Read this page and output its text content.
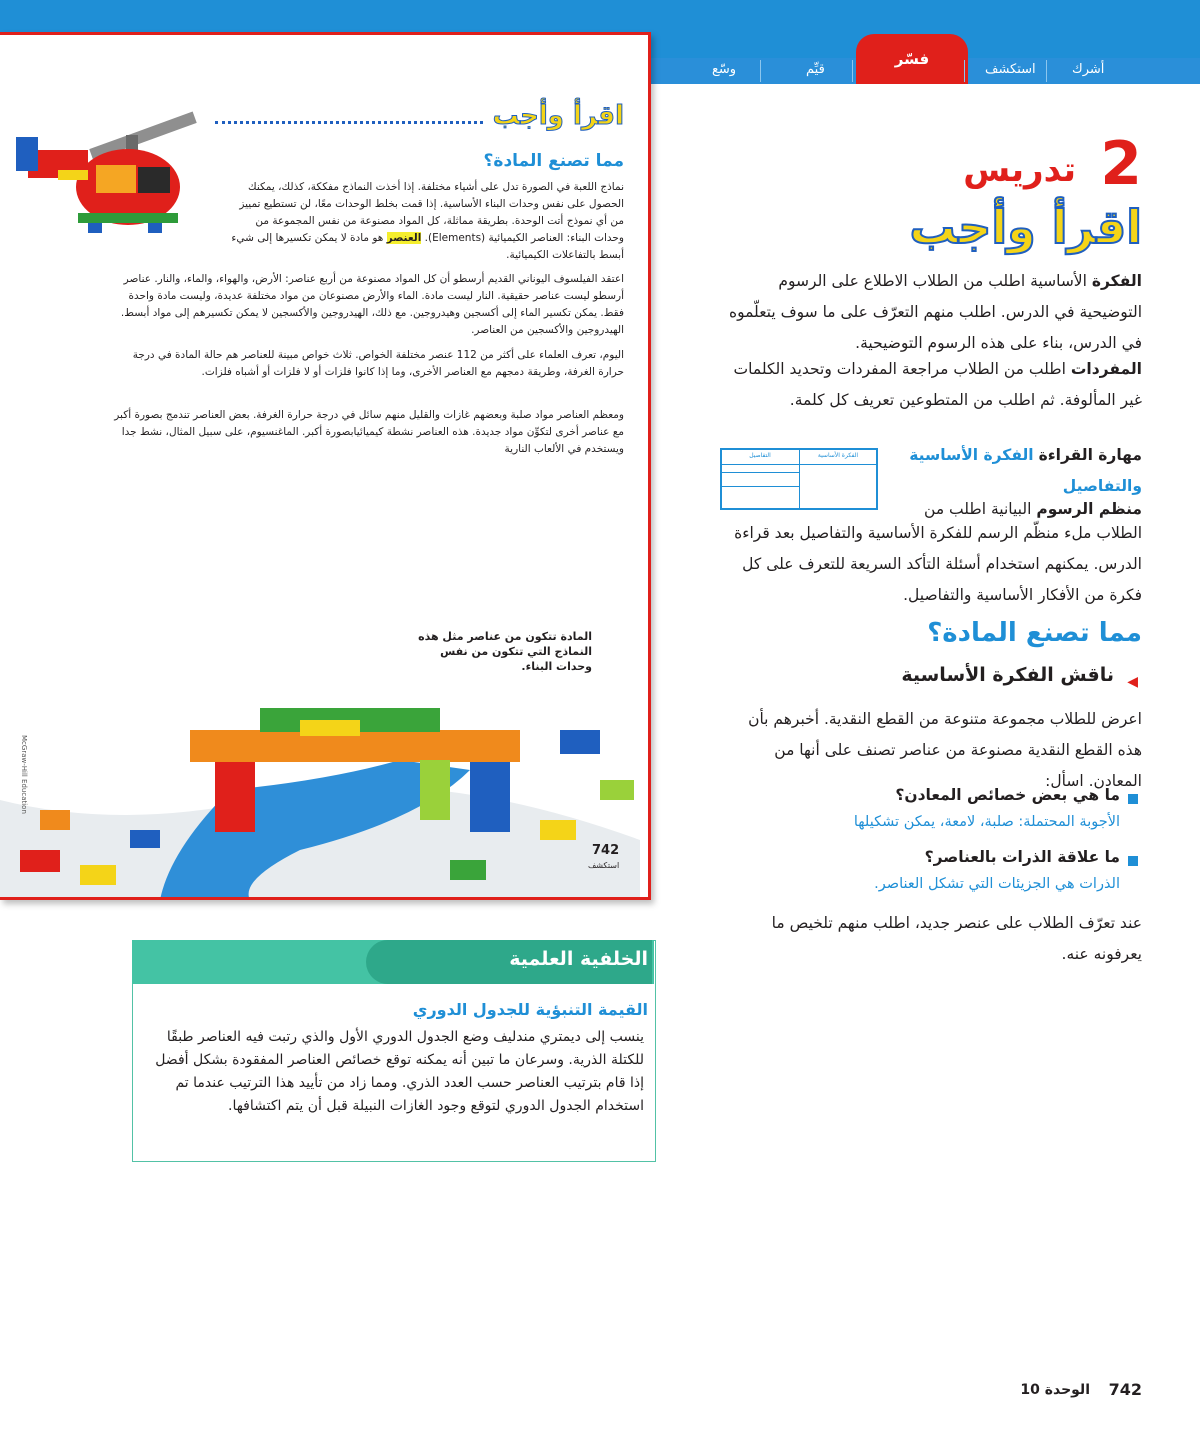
فسّر
أشرك
استكشف
قيِّم
وسّع
اقرأ وأجب
مما تصنع المادة؟
نماذج اللعبة في الصورة تدل على أشياء مختلفة. إذا أخذت النماذج مفككة، كذلك، يمكنك الحصول على نفس وحدات البناء الأساسية. إذا قمت بخلط الوحدات معًا، لن تستطيع تمييز من أي نموذج أتت الوحدة. بطريقة مماثلة، كل المواد مصنوعة من نفس المجموعة من وحدات البناء: العناصر الكيميائية (Elements). العنصر هو مادة لا يمكن تكسيرها إلى شيء أبسط بالتفاعلات الكيميائية.
اعتقد الفيلسوف اليوناني القديم أرسطو أن كل المواد مصنوعة من أربع عناصر: الأرض، والهواء، والماء، والنار. عناصر أرسطو ليست عناصر حقيقية. النار ليست مادة. الماء والأرض مصنوعان من مواد مختلفة عديدة، وليست مادة واحدة فقط. يمكن تكسير الماء إلى أكسجين وهيدروجين. مع ذلك، الهيدروجين والأكسجين لا يمكن تكسيرهم إلى مواد أبسط. الهيدروجين والأكسجين من العناصر.
اليوم، تعرف العلماء على أكثر من 112 عنصر مختلفة الخواص. ثلاث خواص مبينة للعناصر هم حالة المادة في درجة حرارة الغرفة، وطريقة دمجهم مع العناصر الأخرى، وما إذا كانوا فلزات أو لا فلزات أو أشباه فلزات.
ومعظم العناصر مواد صلبة وبعضهم غازات والقليل منهم سائل في درجة حرارة الغرفة. بعض العناصر تندمج بصورة أكبر مع عناصر أخرى لتكوِّن مواد جديدة. هذه العناصر نشطة كيميائيابصورة أكبر. الماغنسيوم، على سبيل المثال، نشط جدا ويستخدم في الألعاب النارية
المادة تتكون من عناصر مثل هذه النماذج التي تتكون من نفس وحدات البناء.
742
استكشف
McGraw-Hill Education
2
تدريس
اقرأ وأجب
الفكرة الأساسية اطلب من الطلاب الاطلاع على الرسوم التوضيحية في الدرس. اطلب منهم التعرّف على ما سوف يتعلّموه في الدرس، بناء على هذه الرسوم التوضيحية.
المفردات اطلب من الطلاب مراجعة المفردات وتحديد الكلمات غير المألوفة. ثم اطلب من المتطوعين تعريف كل كلمة.
مهارة القراءة الفكرة الأساسية والتفاصيل
منظم الرسوم البيانية اطلب من
الطلاب ملء منظّم الرسم للفكرة الأساسية والتفاصيل بعد قراءة الدرس. يمكنهم استخدام أسئلة التأكد السريعة للتعرف على كل فكرة من الأفكار الأساسية والتفاصيل.
الفكرة الأساسية
التفاصيل
مما تصنع المادة؟
◀
ناقش الفكرة الأساسية
اعرض للطلاب مجموعة متنوعة من القطع النقدية. أخبرهم بأن هذه القطع النقدية مصنوعة من عناصر تصنف على أنها من المعادن. اسأل:
ما هي بعض خصائص المعادن؟
الأجوبة المحتملة: صلبة، لامعة، يمكن تشكيلها
ما علاقة الذرات بالعناصر؟
الذرات هي الجزيئات التي تشكل العناصر.
عند تعرّف الطلاب على عنصر جديد، اطلب منهم تلخيص ما يعرفونه عنه.
الخلفية العلمية
القيمة التنبؤية للجدول الدوري
ينسب إلى ديمتري مندليف وضع الجدول الدوري الأول والذي رتبت فيه العناصر طبقًا للكتلة الذرية. وسرعان ما تبين أنه يمكنه توقع خصائص العناصر المفقودة بشكل أفضل إذا قام بترتيب العناصر حسب العدد الذري. ومما زاد من تأييد هذا الترتيب عندما تم استخدام الجدول الدوري لتوقع وجود الغازات النبيلة قبل أن يتم اكتشافها.
742
الوحدة 10
